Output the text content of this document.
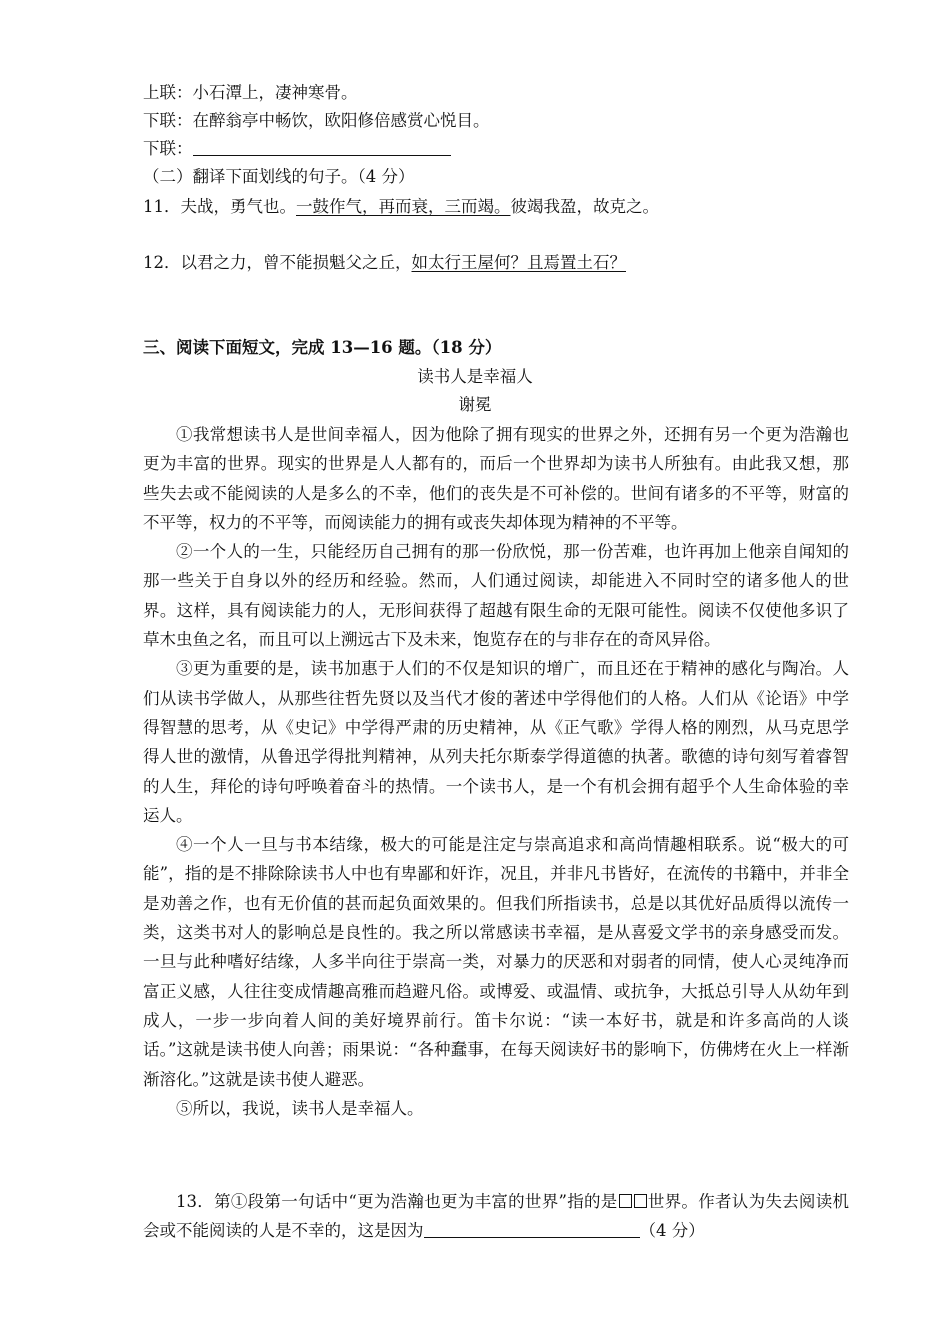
上联：小石潭上，凄神寒骨。
下联：在醉翁亭中畅饮，欧阳修倍感赏心悦目。
下联：
（二）翻译下面划线的句子。（4 分）
11．夫战，勇气也。一鼓作气，再而衰，三而竭。彼竭我盈，故克之。
12．以君之力，曾不能损魁父之丘，如太行王屋何？且焉置土石？
三、阅读下面短文，完成 13—16 题。（18 分）
读书人是幸福人
谢冕

①我常想读书人是世间幸福人，因为他除了拥有现实的世界之外，还拥有另一个更为浩瀚也更为丰富的世界。现实的世界是人人都有的，而后一个世界却为读书人所独有。由此我又想，那些失去或不能阅读的人是多么的不幸，他们的丧失是不可补偿的。世间有诸多的不平等，财富的不平等，权力的不平等，而阅读能力的拥有或丧失却体现为精神的不平等。

②一个人的一生，只能经历自己拥有的那一份欣悦，那一份苦难，也许再加上他亲自闻知的那一些关于自身以外的经历和经验。然而，人们通过阅读，却能进入不同时空的诸多他人的世界。这样，具有阅读能力的人，无形间获得了超越有限生命的无限可能性。阅读不仅使他多识了草木虫鱼之名，而且可以上溯远古下及未来，饱览存在的与非存在的奇风异俗。

③更为重要的是，读书加惠于人们的不仅是知识的增广，而且还在于精神的感化与陶冶。人们从读书学做人，从那些往哲先贤以及当代才俊的著述中学得他们的人格。人们从《论语》中学得智慧的思考，从《史记》中学得严肃的历史精神，从《正气歌》学得人格的刚烈，从马克思学得人世的激情，从鲁迅学得批判精神，从列夫托尔斯泰学得道德的执著。歌德的诗句刻写着睿智的人生，拜伦的诗句呼唤着奋斗的热情。一个读书人，是一个有机会拥有超乎个人生命体验的幸运人。

④一个人一旦与书本结缘，极大的可能是注定与崇高追求和高尚情趣相联系。说“极大的可能”，指的是不排除除读书人中也有卑鄙和奸诈，况且，并非凡书皆好，在流传的书籍中，并非全是劝善之作，也有无价值的甚而起负面效果的。但我们所指读书，总是以其优好品质得以流传一类，这类书对人的影响总是良性的。我之所以常感读书幸福，是从喜爱文学书的亲身感受而发。一旦与此种嗜好结缘，人多半向往于崇高一类，对暴力的厌恶和对弱者的同情，使人心灵纯净而富正义感，人往往变成情趣高雅而趋避凡俗。或博爱、或温情、或抗争，大抵总引导人从幼年到成人，一步一步向着人间的美好境界前行。笛卡尔说：“读一本好书，就是和许多高尚的人谈话。”这就是读书使人向善；雨果说：“各种蠢事，在每天阅读好书的影响下，仿佛烤在火上一样渐渐溶化。”这就是读书使人避恶。

⑤所以，我说，读书人是幸福人。

13．第①段第一句话中“更为浩瀚也更为丰富的世界”指的是 世界。作者认为失去阅读机会或不能阅读的人是不幸的，这是因为	（4 分）
